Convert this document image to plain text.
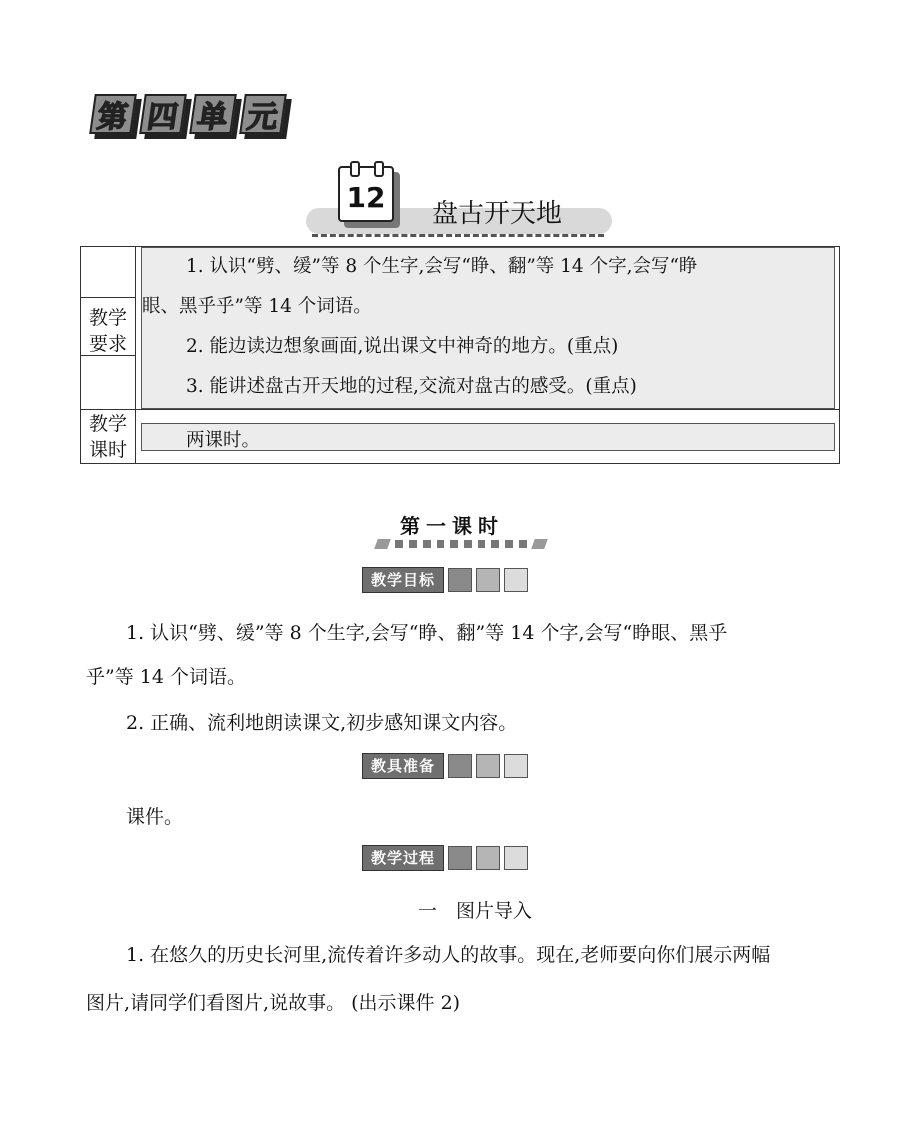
第 四 单 元
12
盘古开天地
教学
要求
1. 认识“劈、缓”等 8 个生字,会写“睁、翻”等 14 个字,会写“睁
眼、黑乎乎”等 14 个词语。
2. 能边读边想象画面,说出课文中神奇的地方。(重点)
3. 能讲述盘古开天地的过程,交流对盘古的感受。(重点)
教学
课时	两课时。
第一课时
教学目标
1. 认识“劈、缓”等 8 个生字,会写“睁、翻”等 14 个字,会写“睁眼、黑乎
乎”等 14 个词语。
2. 正确、流利地朗读课文,初步感知课文内容。
教具准备
课件。
教学过程
一　图片导入
1. 在悠久的历史长河里,流传着许多动人的故事。现在,老师要向你们展示两幅
图片,请同学们看图片,说故事。 (出示课件 2)
